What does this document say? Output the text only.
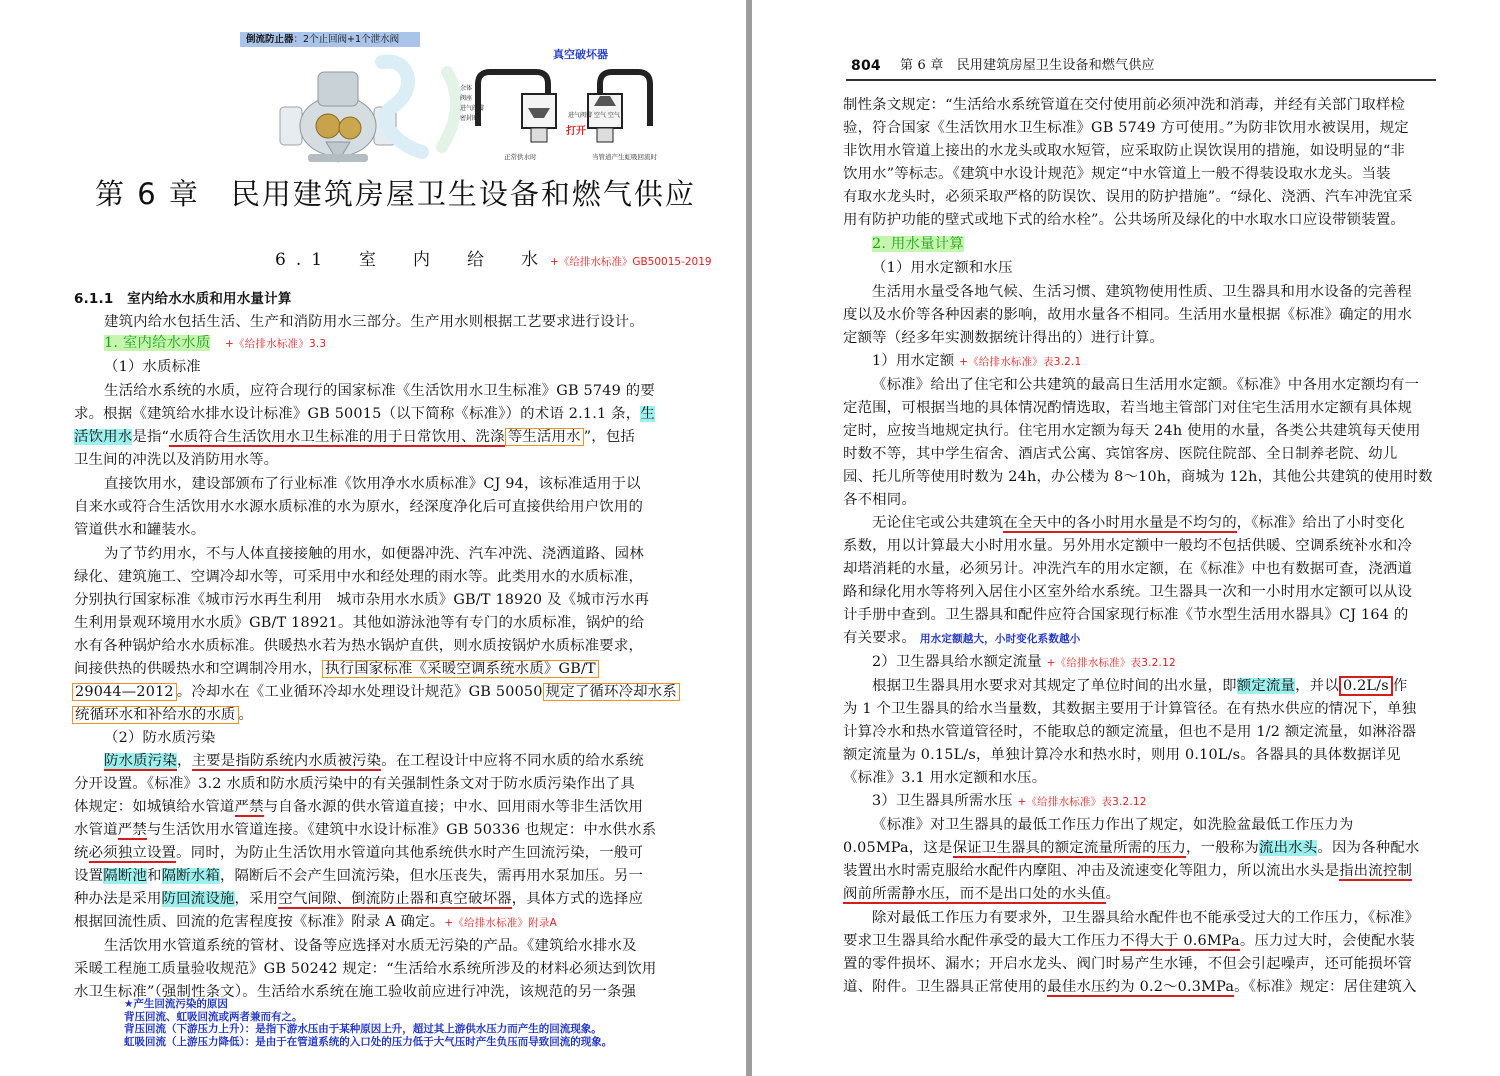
倒流防止器：2个止回阀+1个泄水阀
真空破坏器
余体
阀座
进气阀瓣
密封圈	进气阀瓣 空气 空气
打开
正常供水时	当管道产生虹吸回流时
第 6 章　民用建筑房屋卫生设备和燃气供应
6.1　室　内　给　水 +《给排水标准》GB50015-2019
6.1.1　室内给水水质和用水量计算
建筑内给水包括生活、生产和消防用水三部分。生产用水则根据工艺要求进行设计。
1. 室内给水水质　 +《给排水标准》3.3
（1）水质标准
生活给水系统的水质，应符合现行的国家标准《生活饮用水卫生标准》GB 5749 的要
求。根据《建筑给水排水设计标准》GB 50015（以下简称《标准》）的术语 2.1.1 条，生
活饮用水是指“水质符合生活饮用水卫生标准的用于日常饮用、洗涤 等生活用水 ”，包括
卫生间的冲洗以及消防用水等。
直接饮用水，建设部颁布了行业标准《饮用净水水质标准》CJ 94，该标准适用于以
自来水或符合生活饮用水水源水质标准的水为原水，经深度净化后可直接供给用户饮用的
管道供水和罐装水。
为了节约用水，不与人体直接接触的用水，如便器冲洗、汽车冲洗、浇洒道路、园林
绿化、建筑施工、空调冷却水等，可采用中水和经处理的雨水等。此类用水的水质标准，
分别执行国家标准《城市污水再生利用　城市杂用水水质》GB/T 18920 及《城市污水再
生利用景观环境用水水质》GB/T 18921。其他如游泳池等有专门的水质标准，锅炉的给
水有各种锅炉给水水质标准。供暖热水若为热水锅炉直供，则水质按锅炉水质标准要求，
间接供热的供暖热水和空调制冷用水， 执行国家标准《采暖空调系统水质》GB/T
29044—2012 。冷却水在《工业循环冷却水处理设计规范》GB 50050 规定了循环冷却水系
统循环水和补给水的水质 。
（2）防水质污染
防水质污染，主要是指防系统内水质被污染。在工程设计中应将不同水质的给水系统
分开设置。《标准》3.2 水质和防水质污染中的有关强制性条文对于防水质污染作出了具
体规定：如城镇给水管道严禁与自备水源的供水管道直接；中水、回用雨水等非生活饮用
水管道严禁与生活饮用水管道连接。《建筑中水设计标准》GB 50336 也规定：中水供水系
统必须独立设置。同时，为防止生活饮用水管道向其他系统供水时产生回流污染，一般可
设置隔断池和隔断水箱，隔断后不会产生回流污染，但水压丧失，需再用水泵加压。另一
种办法是采用防回流设施，采用空气间隙、倒流防止器和真空破坏器，具体方式的选择应
根据回流性质、回流的危害程度按《标准》附录 A 确定。+《给排水标准》附录A
生活饮用水管道系统的管材、设备等应选择对水质无污染的产品。《建筑给水排水及
采暖工程施工质量验收规范》GB 50242 规定：“生活给水系统所涉及的材料必须达到饮用
水卫生标准”（强制性条文）。生活给水系统在施工验收前应进行冲洗，该规范的另一条强
★产生回流污染的原因
背压回流、虹吸回流或两者兼而有之。
背压回流（下游压力上升）：是指下游水压由于某种原因上升，超过其上游供水压力而产生的回流现象。
虹吸回流（上游压力降低）：是由于在管道系统的入口处的压力低于大气压时产生负压而导致回流的现象。
804 第 6 章　民用建筑房屋卫生设备和燃气供应
制性条文规定：“生活给水系统管道在交付使用前必须冲洗和消毒，并经有关部门取样检
验，符合国家《生活饮用水卫生标准》GB 5749 方可使用。”为防非饮用水被误用，规定
非饮用水管道上接出的水龙头或取水短管，应采取防止误饮误用的措施，如设明显的“非
饮用水”等标志。《建筑中水设计规范》规定“中水管道上一般不得装设取水龙头。当装
有取水龙头时，必须采取严格的防误饮、误用的防护措施”。“绿化、浇洒、汽车冲洗宜采
用有防护功能的壁式或地下式的给水栓”。公共场所及绿化的中水取水口应设带锁装置。
2. 用水量计算
（1）用水定额和水压
生活用水量受各地气候、生活习惯、建筑物使用性质、卫生器具和用水设备的完善程
度以及水价等各种因素的影响，故用水量各不相同。生活用水量根据《标准》确定的用水
定额等（经多年实测数据统计得出的）进行计算。
1）用水定额 +《给排水标准》表3.2.1
《标准》给出了住宅和公共建筑的最高日生活用水定额。《标准》中各用水定额均有一
定范围，可根据当地的具体情况酌情选取，若当地主管部门对住宅生活用水定额有具体规
定时，应按当地规定执行。住宅用水定额为每天 24h 使用的水量，各类公共建筑每天使用
时数不等，其中学生宿舍、酒店式公寓、宾馆客房、医院住院部、全日制养老院、幼儿
园、托儿所等使用时数为 24h，办公楼为 8～10h，商城为 12h，其他公共建筑的使用时数
各不相同。
无论住宅或公共建筑在全天中的各小时用水量是不均匀的，《标准》给出了小时变化
系数，用以计算最大小时用水量。另外用水定额中一般均不包括供暖、空调系统补水和冷
却塔消耗的水量，必须另计。冲洗汽车的用水定额，在《标准》中也有数据可查，浇洒道
路和绿化用水等将列入居住小区室外给水系统。卫生器具一次和一小时用水定额可以从设
计手册中查到。卫生器具和配件应符合国家现行标准《节水型生活用水器具》CJ 164 的
有关要求。 用水定额越大，小时变化系数越小
2）卫生器具给水额定流量 +《给排水标准》表3.2.12
根据卫生器具用水要求对其规定了单位时间的出水量，即额定流量，并以 0.2L/s 作
为 1 个卫生器具的给水当量数，其数据主要用于计算管径。在有热水供应的情况下，单独
计算冷水和热水管道管径时，不能取总的额定流量，但也不是用 1/2 额定流量，如淋浴器
额定流量为 0.15L/s，单独计算冷水和热水时，则用 0.10L/s。各器具的具体数据详见
《标准》3.1 用水定额和水压。
3）卫生器具所需水压 +《给排水标准》表3.2.12
《标准》对卫生器具的最低工作压力作出了规定，如洗脸盆最低工作压力为
0.05MPa，这是保证卫生器具的额定流量所需的压力，一般称为流出水头。因为各种配水
装置出水时需克服给水配件内摩阻、冲击及流速变化等阻力，所以流出水头是指出流控制
阀前所需静水压，而不是出口处的水头值。
除对最低工作压力有要求外，卫生器具给水配件也不能承受过大的工作压力，《标准》
要求卫生器具给水配件承受的最大工作压力不得大于 0.6MPa。压力过大时，会使配水装
置的零件损坏、漏水；开启水龙头、阀门时易产生水锤，不但会引起噪声，还可能损坏管
道、附件。卫生器具正常使用的最佳水压约为 0.2～0.3MPa。《标准》规定：居住建筑入
